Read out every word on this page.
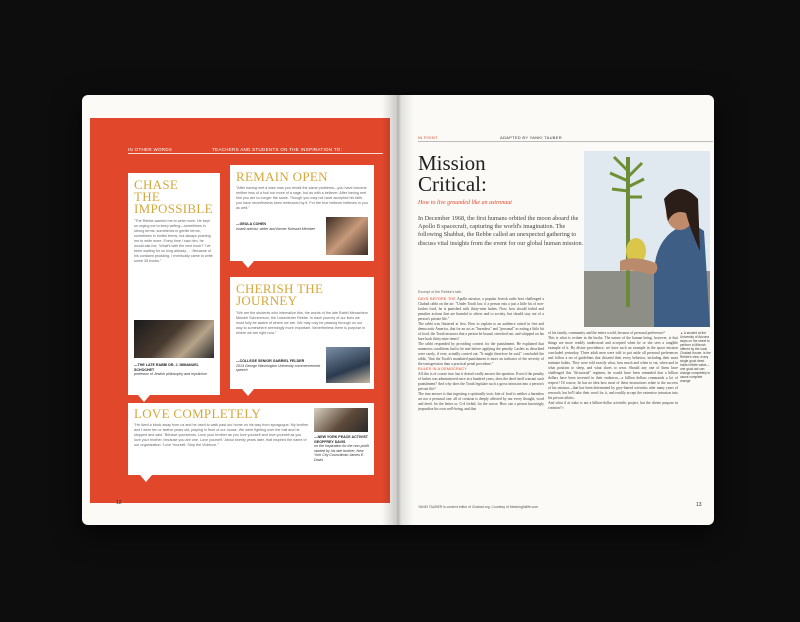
IN OTHER WORDS	TEACHERS AND STUDENTS ON THE INSPIRATION TO:
CHASE THE IMPOSSIBLE
"The Rebbe wanted me to write more. He kept on urging me to keep writing—sometimes in strong terms, sometimes in gentle terms, sometimes in hurtful terms, but always pushing me to write more. Every time I saw him, he would ask me, 'What's with the next book?' I've been waiting for so long already….' Because of his constant prodding, I eventually came to write some 35 books."
—THE LATE RABBI DR. J. IMMANUEL SCHOCHET
professor of Jewish philosophy and mysticism
REMAIN OPEN
"After having met a wise man you revisit the same problems—you have become neither less of a fool nor more of a sage, but as with a believer. After having met him you are no longer the same. Though you may not have accepted his faith, you have nevertheless been embraced by it. For the true believer believes in you as well."
—GEULA COHEN
Israeli activist, writer and former Knesset Member
CHERISH THE JOURNEY
"We are the students who internalize this, the words of the late Rabbi Menachem Mendel Schneerson, the Lubavitcher Rebbe. In each journey of our lives we must fully be aware of where we are. We may only be passing through on our way to somewhere seemingly more important. Nevertheless there is purpose in where we are right now."
—COLLEGE SENIOR GABRIEL FELDER
2014 George Washington University commencement speech
LOVE COMPLETELY
"He lived a block away from us and he used to walk past our home on his way from synagogue. My brother and I were ten or twelve years old, playing in front of our house. We were fighting over the ball and he stopped and said: 'Behave yourselves. Love your brother as you love yourself and love yourself as you love your brother, because you are one. Love yourself.' About twenty years later, that inspired the name of our organization: 'Love Yourself, Stop the Violence.'"
—NEW YORK PEACE ACTIVIST GEOFFREY DAVIS
on the inspiration for the non-profit started by his late brother, New York City Councilman James E. Davis
12
IN POINT	ADAPTED BY YANKI TAUBER
Mission
Critical:
How to live grounded like an astronaut
In December 1968, the first humans orbited the moon aboard the Apollo 8 spacecraft, capturing the world's imagination. The following Shabbat, the Rebbe called an unexpected gathering to discuss vital insights from the event for our global human mission.
Excerpt of the Rebbe's talk:
DAYS BEFORE THE Apollo mission, a popular Jewish radio host challenged a Chabad rabbi on the air: "Under Torah law, if a person eats a just a little bit of non-kosher food, he is punished with thirty-nine lashes. Now, how should forbid and penalize actions that are harmful to others and to society, but should stay out of a person's private life."
The rabbi was flustered at first. How to explain to an audience raised in free and democratic America, that for an act as "harmless" and "personal" as eating a little bit of food, the Torah instructs that a person be bound, stretched out, and whipped on his bare back thirty-nine times?
The rabbi responded by providing context for the punishment. He explained that numerous conditions had to be met before applying the penalty. Lashes as described were rarely, if ever, actually carried out. "It might therefore be said," concluded the rabbi, "that the Torah's mandated punishment is more an indicator of the severity of the transgression than a practical penal procedure."
RULES IN A DEMOCRACY
All this is of course true, but it doesn't really answer the question. Even if the penalty of lashes was administered once in a hundred years, does the deed itself warrant such punishment? And why does the Torah legislate such a gross intrusion into a person's private life?
The true answer is that ingesting a spiritually toxic bite of food is neither a harmless act nor a personal one: all of creation is deeply affected by our every thought, word and deed, for the better or, G-d forbid, for the worse. How can a person knowingly jeopardize his own well-being, and that
of his family, community and the entire world, because of personal preference?
This is what is written in the books. The nature of the human being, however, is that things are more readily understood and accepted when he or she sees a tangible example of it. By divine providence, we have such an example in the space mission concluded yesterday. Three adult men were told to put aside all personal preferences and follow a set of guidelines that dictated their every behavior, including their most intimate habits. They were told exactly what, how much and when to eat, when and in what position to sleep, and what shoes to wear. Should any one of them have challenged this "dictatorial" regimen, he would have been reminded that a billion dollars have been invested in their endeavor—a billion dollars commands a lot of respect! Of course, he has no idea how most of these instructions relate to the success of his mission—that has been determined by grey-haired scientists after many years of research; but he'll take their word for it, and readily accept the extensive intrusion into his private affairs.
And what if at stake is not a billion-dollar scientific project, but the divine purpose in creation? ▪
▲ A student at the University of Arizona stops on the street to perform a Mitzvah offered by the local Chabad House. Is the Rebbe's view, every single good deed holds infinite value—one good act can change completely to cause complete change
YANKI TAUBER is content editor of Chabad.org. Courtesy of Meaningfullife.com	13
